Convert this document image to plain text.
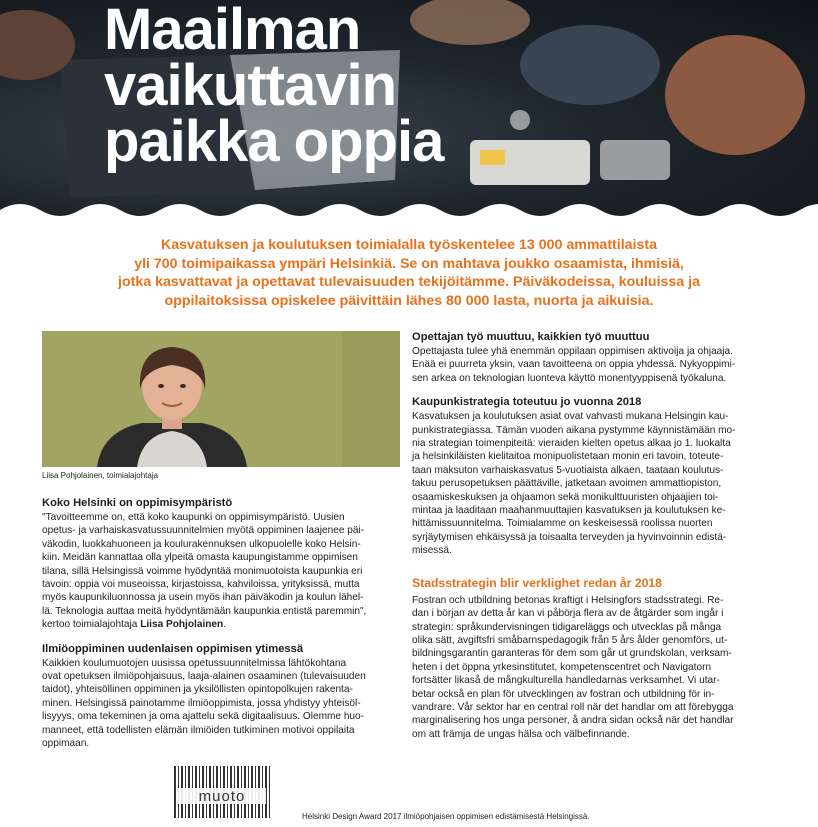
Maailman
vaikuttavin
paikka oppia
Kasvatuksen ja koulutuksen toimialalla työskentelee 13 000 ammattilaista
yli 700 toimipaikassa ympäri Helsinkiä. Se on mahtava joukko osaamista, ihmisiä,
jotka kasvattavat ja opettavat tulevaisuuden tekijöitämme. Päiväkodeissa, kouluissa ja
oppilaitoksissa opiskelee päivittäin lähes 80 000 lasta, nuorta ja aikuisia.
Liisa Pohjolainen, toimialajohtaja
Koko Helsinki on oppimisympäristö
"Tavoitteemme on, että koko kaupunki on oppimisympäristö. Uusien
opetus- ja varhaiskasvatussuunnitelmien myötä oppiminen laajenee päi-
väkodin, luokkahuoneen ja koulurakennuksen ulkopuolelle koko Helsin-
kiin. Meidän kannattaa olla ylpeitä omasta kaupungistamme oppimisen
tilana, sillä Helsingissä voimme hyödyntää monimuotoista kaupunkia eri
tavoin: oppia voi museoissa, kirjastoissa, kahviloissa, yrityksissä, mutta
myös kaupunkiluonnossa ja usein myös ihan päiväkodin ja koulun lähel-
lä. Teknologia auttaa meitä hyödyntämään kaupunkia entistä paremmin",
kertoo toimialajohtaja Liisa Pohjolainen.
Ilmiöoppiminen uudenlaisen oppimisen ytimessä
Kaikkien koulumuotojen uusissa opetussuunnitelmissa lähtökohtana
ovat opetuksen ilmiöpohjaisuus, laaja-alainen osaaminen (tulevaisuuden
taidot), yhteisöllinen oppiminen ja yksilöllisten opintopolkujen rakenta-
minen. Helsingissä painotamme ilmiöoppimista, jossa yhdistyy yhteisöl-
lisyyys, oma tekeminen ja oma ajattelu sekä digitaalisuus. Olemme huo-
manneet, että todellisten elämän ilmiöiden tutkiminen motivoi oppilaita
oppimaan.
Opettajan työ muuttuu, kaikkien työ muuttuu
Opettajasta tulee yhä enemmän oppilaan oppimisen aktivoija ja ohjaaja.
Enää ei puurreta yksin, vaan tavoitteena on oppia yhdessä. Nykyoppimi-
sen arkea on teknologian luonteva käyttö monentyyppisenä työkaluna.
Kaupunkistrategia toteutuu jo vuonna 2018
Kasvatuksen ja koulutuksen asiat ovat vahvasti mukana Helsingin kau-
punkistrategiassa. Tämän vuoden aikana pystymme käynnistämään mo-
nia strategian toimenpiteitä: vieraiden kielten opetus alkaa jo 1. luokalta
ja helsinkiläisten kielitaitoa monipuolistetaan monin eri tavoin, toteute-
taan maksuton varhaiskasvatus 5-vuotiaista alkaen, taataan koulutus-
takuu perusopetuksen päättäville, jatketaan avoimen ammattiopiston,
osaamiskeskuksen ja ohjaamon sekä monikulttuuristen ohjaajien toi-
mintaa ja laaditaan maahanmuuttajien kasvatuksen ja koulutuksen ke-
hittämissuunnitelma. Toimialamme on keskeisessä roolissa nuorten
syrjäytymisen ehkäisyssä ja toisaalta terveyden ja hyvinvoinnin edistä-
misessä.
Stadsstrategin blir verklighet redan år 2018
Fostran och utbildning betonas kraftigt i Helsingfors stadsstrategi. Re-
dan i början av detta år kan vi påbörja flera av de åtgärder som ingår i
strategin: språkundervisningen tidigareläggs och utvecklas på många
olika sätt, avgiftsfri småbarnspedagogik från 5 års ålder genomförs, ut-
bildningsgarantin garanteras för dem som går ut grundskolan, verksam-
heten i det öppna yrkesinstitutet, kompetenscentret och Navigatorn
fortsätter likaså de mångkulturella handledarnas verksamhet. Vi utar-
betar också en plan för utvecklingen av fostran och utbildning för in-
vandrare. Vår sektor har en central roll när det handlar om att förebygga
marginalisering hos unga personer, å andra sidan också när det handlar
om att främja de ungas hälsa och välbefinnande.
muoto
Helsinki Design Award 2017 ilmiöpohjaisen oppimisen edistämisestä Helsingissä.
